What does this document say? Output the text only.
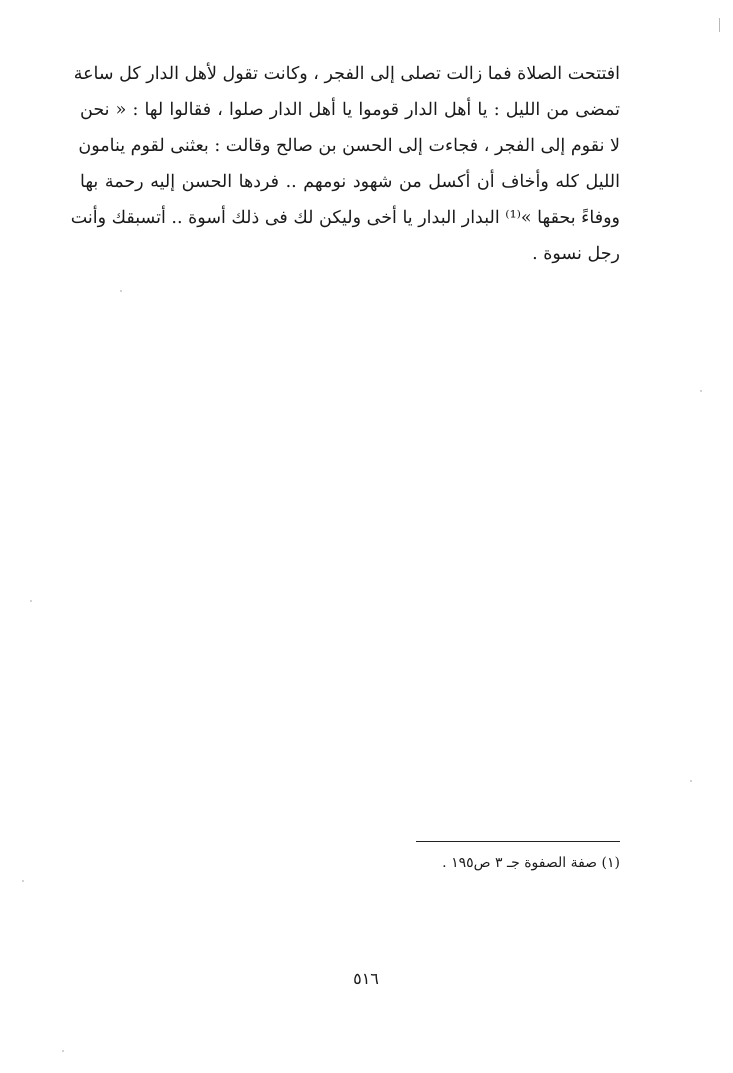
افتتحت الصلاة فما زالت تصلى إلى الفجر ، وكانت تقول لأهل الدار كل ساعة
تمضى من الليل : يا أهل الدار قوموا يا أهل الدار صلوا ، فقالوا لها : « نحن
لا نقوم إلى الفجر ، فجاءت إلى الحسن بن صالح وقالت : بعثنى لقوم ينامون
الليل كله وأخاف أن أكسل من شهود نومهم .. فردها الحسن إليه رحمة بها
ووفاءً بحقها »⁽¹⁾ البدار البدار يا أخى وليكن لك فى ذلك أسوة .. أتسبقك وأنت
رجل نسوة .
(١) صفة الصفوة جـ ٣ ص١٩٥ .
٥١٦
